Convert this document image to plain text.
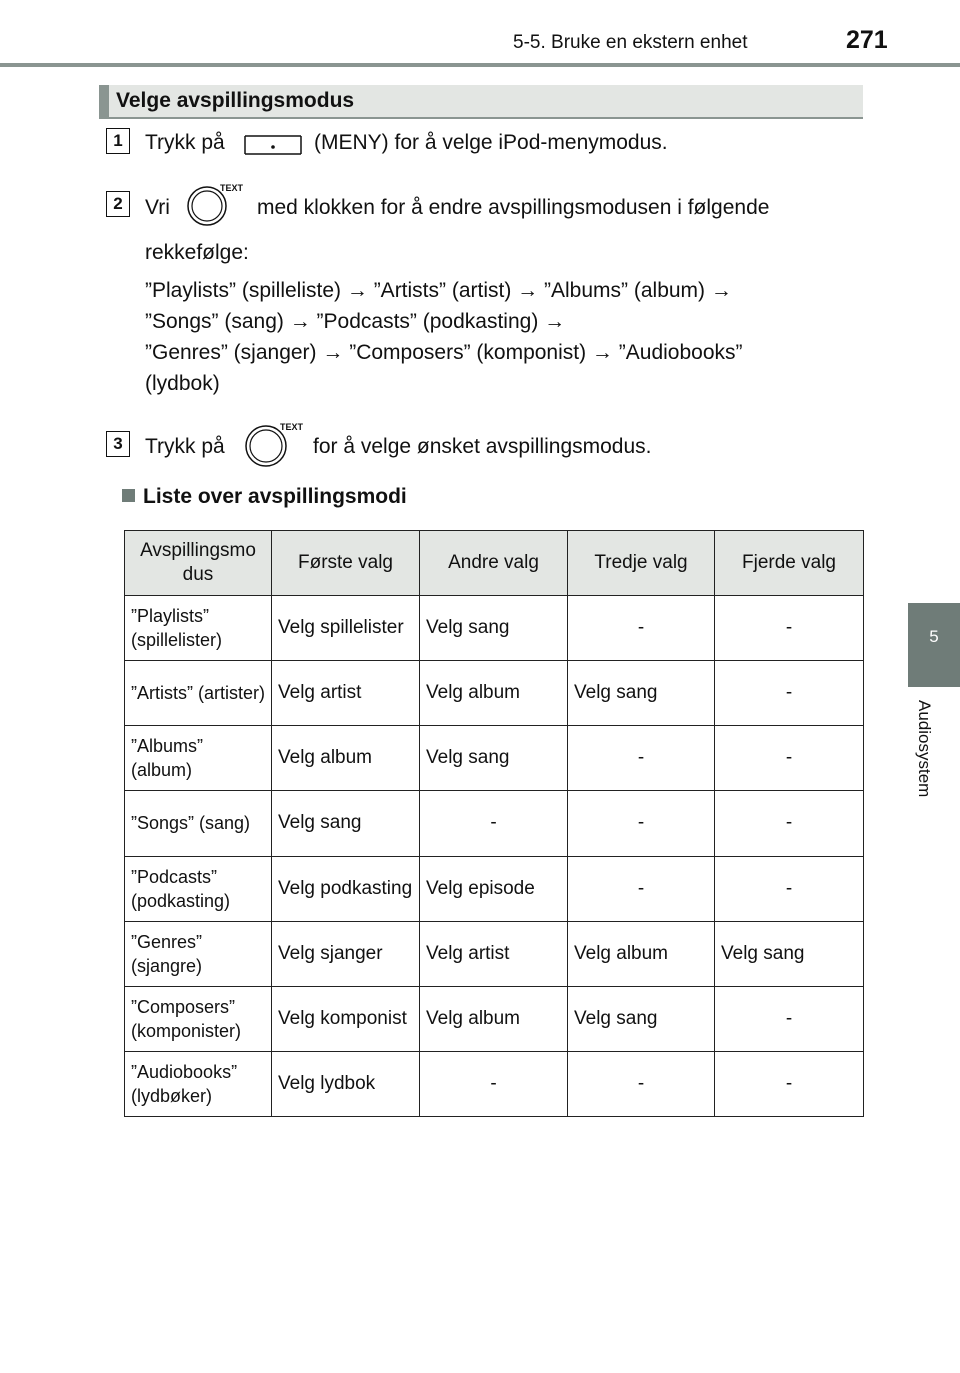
5-5. Bruke en ekstern enhet	271
5
Audiosystem
Velge avspillingsmodus
1	Trykk på	(MENY) for å velge iPod-menymodus.
2	Vri
TEXT
med klokken for å endre avspillingsmodusen i følgende
rekkefølge:
”Playlists” (spilleliste) → ”Artists” (artist) → ”Albums” (album) →
”Songs” (sang) → ”Podcasts” (podkasting) →
”Genres” (sjanger) → ”Composers” (komponist) → ”Audiobooks”
(lydbok)
3	Trykk på
TEXT
for å velge ønsket avspillingsmodus.
Liste over avspillingsmodi
Avspillingsmo dus	Første valg	Andre valg	Tredje valg	Fjerde valg
”Playlists” (spillelister)	Velg spillelister	Velg sang	-	-
”Artists” (artister)	Velg artist	Velg album	Velg sang	-
”Albums” (album)	Velg album	Velg sang	-	-
”Songs” (sang)	Velg sang	-	-	-
”Podcasts” (podkasting)	Velg podkasting	Velg episode	-	-
”Genres” (sjangre)	Velg sjanger	Velg artist	Velg album	Velg sang
”Composers” (komponister)	Velg komponist	Velg album	Velg sang	-
”Audiobooks” (lydbøker)	Velg lydbok	-	-	-
